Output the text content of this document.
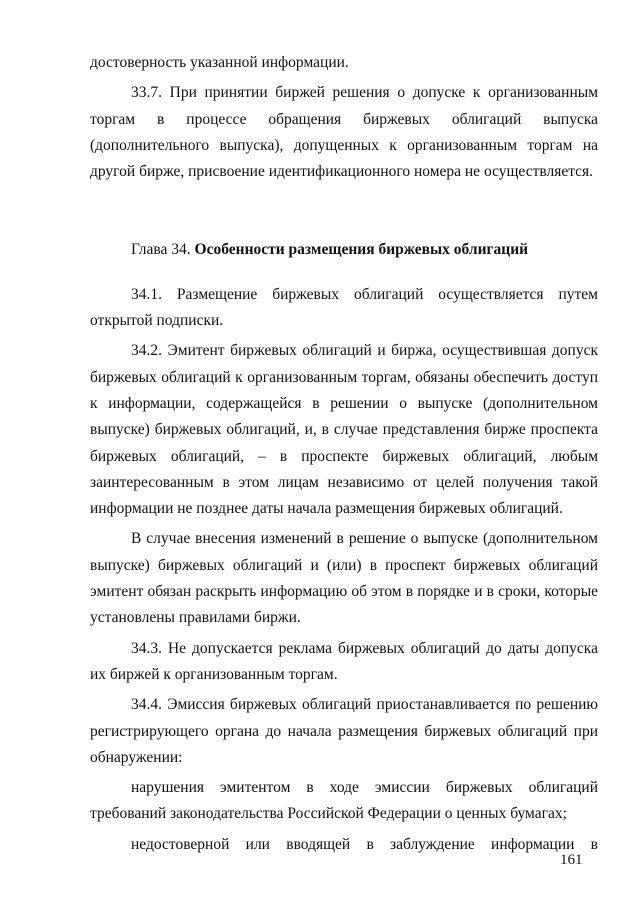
достоверность указанной информации.

33.7. При принятии биржей решения о допуске к организованным торгам в процессе обращения биржевых облигаций выпуска (дополнительного выпуска), допущенных к организованным торгам на другой бирже, присвоение идентификационного номера не осуществляется.

Глава 34. Особенности размещения биржевых облигаций

34.1. Размещение биржевых облигаций осуществляется путем открытой подписки.

34.2. Эмитент биржевых облигаций и биржа, осуществившая допуск биржевых облигаций к организованным торгам, обязаны обеспечить доступ к информации, содержащейся в решении о выпуске (дополнительном выпуске) биржевых облигаций, и, в случае представления бирже проспекта биржевых облигаций, – в проспекте биржевых облигаций, любым заинтересованным в этом лицам независимо от целей получения такой информации не позднее даты начала размещения биржевых облигаций.

В случае внесения изменений в решение о выпуске (дополнительном выпуске) биржевых облигаций и (или) в проспект биржевых облигаций эмитент обязан раскрыть информацию об этом в порядке и в сроки, которые установлены правилами биржи.

34.3. Не допускается реклама биржевых облигаций до даты допуска их биржей к организованным торгам.

34.4. Эмиссия биржевых облигаций приостанавливается по решению регистрирующего органа до начала размещения биржевых облигаций при обнаружении:

нарушения эмитентом в ходе эмиссии биржевых облигаций требований законодательства Российской Федерации о ценных бумагах;

недостоверной или вводящей в заблуждение информации в

161
